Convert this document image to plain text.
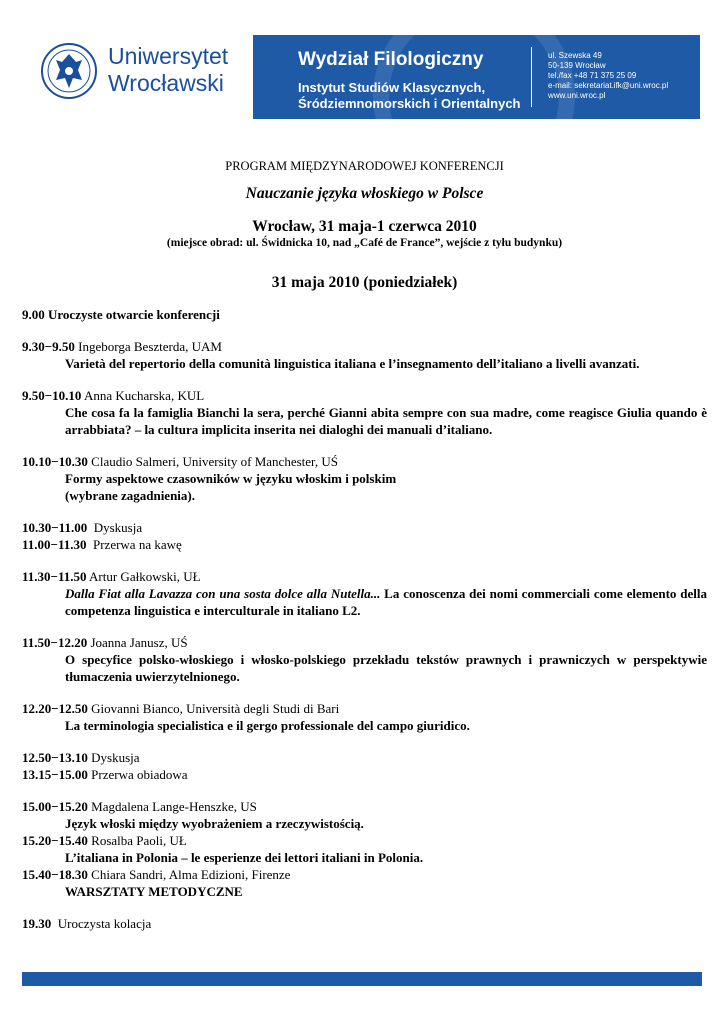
Uniwersytet
Wrocławski
Wydział Filologiczny
Instytut Studiów Klasycznych,
Śródziemnomorskich i Orientalnych
ul. Szewska 49
50-139 Wrocław
tel./fax +48 71 375 25 09
e-mail: sekretariat.ifk@uni.wroc.pl
www.uni.wroc.pl
PROGRAM MIĘDZYNARODOWEJ KONFERENCJI
Nauczanie języka włoskiego w Polsce
Wrocław, 31 maja-1 czerwca 2010
(miejsce obrad: ul. Świdnicka 10, nad „Café de France”, wejście z tyłu budynku)
31 maja 2010 (poniedziałek)
9.00 Uroczyste otwarcie konferencji
9.30−9.50 Ingeborga Beszterda, UAM
Varietà del repertorio della comunità linguistica italiana e l’insegnamento dell’italiano a livelli avanzati.
9.50−10.10 Anna Kucharska, KUL
Che cosa fa la famiglia Bianchi la sera, perché Gianni abita sempre con sua madre, come reagisce Giulia quando è arrabbiata? – la cultura implicita inserita nei dialoghi dei manuali d’italiano.
10.10−10.30 Claudio Salmeri, University of Manchester, UŚ
Formy aspektowe czasowników w języku włoskim i polskim
(wybrane zagadnienia).
10.30−11.00  Dyskusja
11.00−11.30  Przerwa na kawę
11.30−11.50 Artur Gałkowski, UŁ
Dalla Fiat alla Lavazza con una sosta dolce alla Nutella... La conoscenza dei nomi commerciali come elemento della competenza linguistica e interculturale in italiano L2.
11.50−12.20 Joanna Janusz, UŚ
O specyfice polsko-włoskiego i włosko-polskiego przekładu tekstów prawnych i prawniczych w perspektywie tłumaczenia uwierzytelnionego.
12.20−12.50 Giovanni Bianco, Università degli Studi di Bari
La terminologia specialistica e il gergo professionale del campo giuridico.
12.50−13.10 Dyskusja
13.15−15.00 Przerwa obiadowa
15.00−15.20 Magdalena Lange-Henszke, US
Język włoski między wyobrażeniem a rzeczywistością.
15.20−15.40 Rosalba Paoli, UŁ
L’italiana in Polonia – le esperienze dei lettori italiani in Polonia.
15.40−18.30 Chiara Sandri, Alma Edizioni, Firenze
WARSZTATY METODYCZNE
19.30  Uroczysta kolacja
